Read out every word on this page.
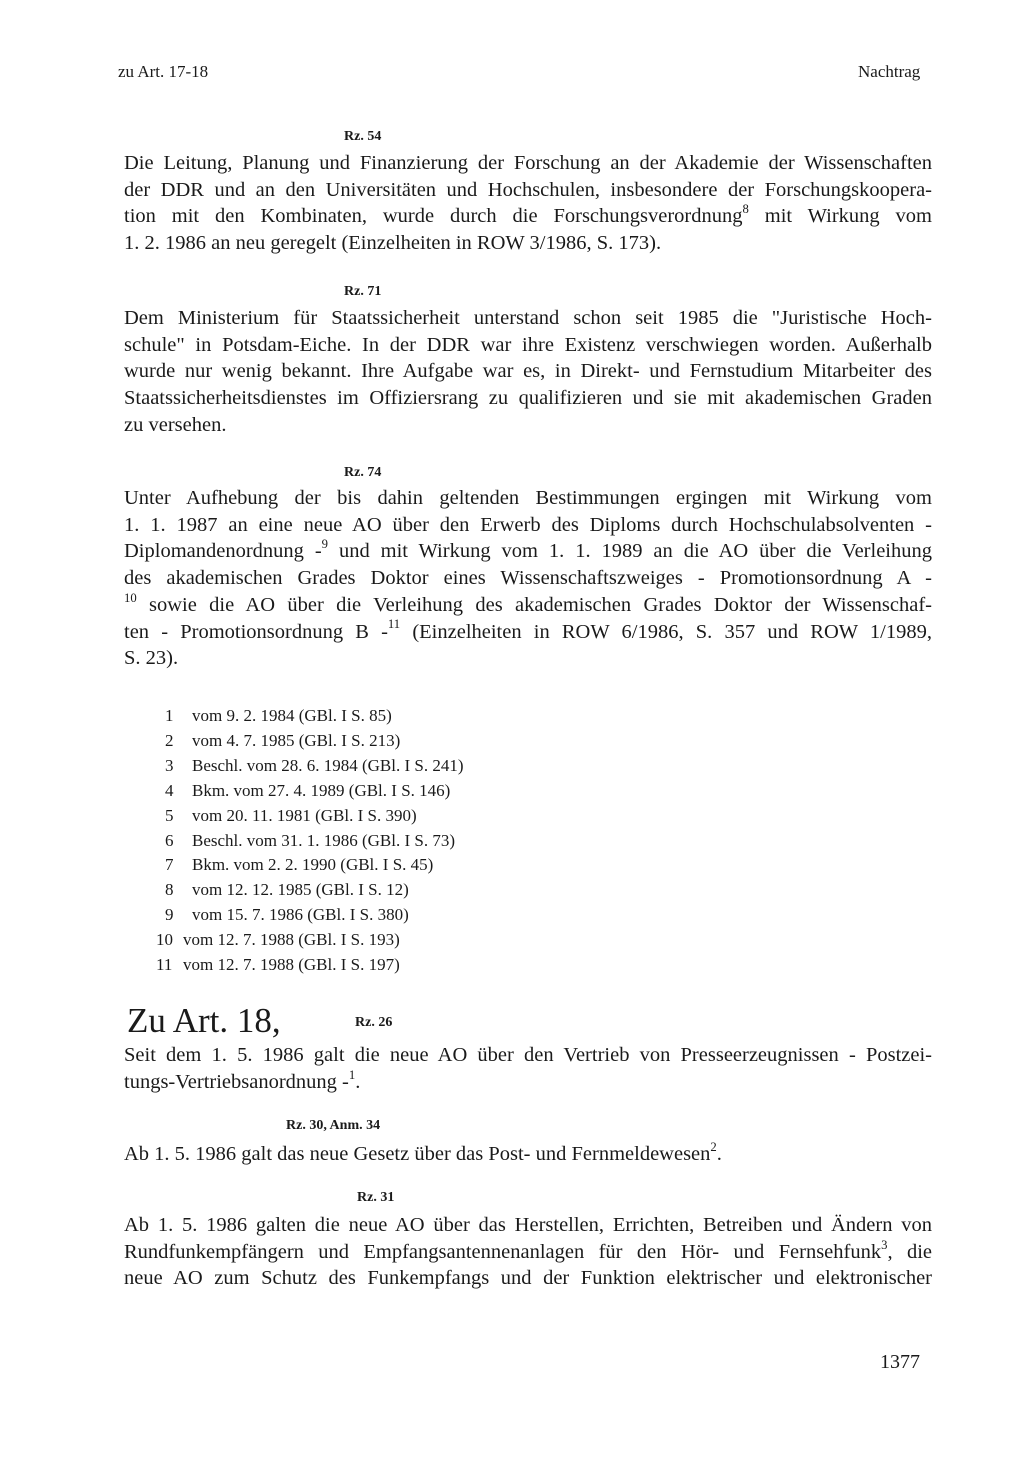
zu Art. 17-18	Nachtrag
Rz. 54
Die Leitung, Planung und Finanzierung der Forschung an der Akademie der Wissenschaften
der DDR und an den Universitäten und Hochschulen, insbesondere der Forschungskoopera-
tion mit den Kombinaten, wurde durch die Forschungsverordnung$^8$ mit Wirkung vom
1. 2. 1986 an neu geregelt (Einzelheiten in ROW 3/1986, S. 173).
Rz. 71
Dem Ministerium für Staatssicherheit unterstand schon seit 1985 die "Juristische Hoch-
schule" in Potsdam-Eiche. In der DDR war ihre Existenz verschwiegen worden. Außerhalb
wurde nur wenig bekannt. Ihre Aufgabe war es, in Direkt- und Fernstudium Mitarbeiter des
Staatssicherheitsdienstes im Offiziersrang zu qualifizieren und sie mit akademischen Graden
zu versehen.
Rz. 74
Unter Aufhebung der bis dahin geltenden Bestimmungen ergingen mit Wirkung vom
1. 1. 1987 an eine neue AO über den Erwerb des Diploms durch Hochschulabsolventen -
Diplomandenordnung -$^9$ und mit Wirkung vom 1. 1. 1989 an die AO über die Verleihung
des akademischen Grades Doktor eines Wissenschaftszweiges - Promotionsordnung A -
$^{10}$ sowie die AO über die Verleihung des akademischen Grades Doktor der Wissenschaf-
ten - Promotionsordnung B -$^{11}$ (Einzelheiten in ROW 6/1986, S. 357 und ROW 1/1989,
S. 23).
1	vom 9. 2. 1984 (GBl. I S. 85)
2	vom 4. 7. 1985 (GBl. I S. 213)
3	Beschl. vom 28. 6. 1984 (GBl. I S. 241)
4	Bkm. vom 27. 4. 1989 (GBl. I S. 146)
5	vom 20. 11. 1981 (GBl. I S. 390)
6	Beschl. vom 31. 1. 1986 (GBl. I S. 73)
7	Bkm. vom 2. 2. 1990 (GBl. I S. 45)
8	vom 12. 12. 1985 (GBl. I S. 12)
9	vom 15. 7. 1986 (GBl. I S. 380)
10 vom 12. 7. 1988 (GBl. I S. 193)
11 vom 12. 7. 1988 (GBl. I S. 197)
Zu Art. 18,	Rz. 26
Seit dem 1. 5. 1986 galt die neue AO über den Vertrieb von Presseerzeugnissen - Postzei-
tungs-Vertriebsanordnung -$^1$.
Rz. 30, Anm. 34
Ab 1. 5. 1986 galt das neue Gesetz über das Post- und Fernmeldewesen$^2$.
Rz. 31
Ab 1. 5. 1986 galten die neue AO über das Herstellen, Errichten, Betreiben und Ändern von
Rundfunkempfängern und Empfangsantennenanlagen für den Hör- und Fernsehfunk$^3$, die
neue AO zum Schutz des Funkempfangs und der Funktion elektrischer und elektronischer
1377
